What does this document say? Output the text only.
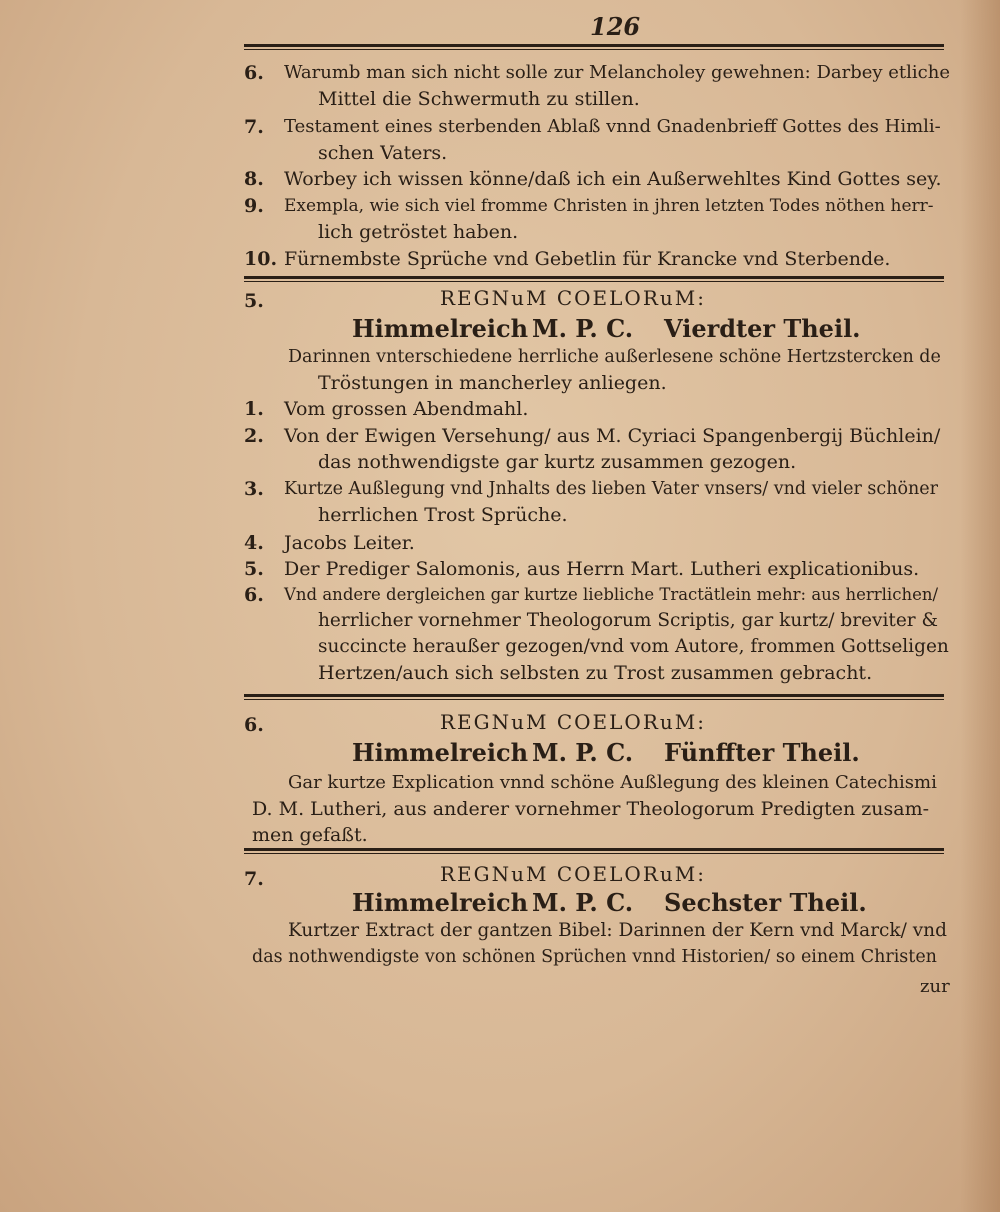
126
6. Warumb man sich nicht solle zur Melancholey gewehnen: Darbey etliche
Mittel die Schwermuth zu stillen.
7. Testament eines sterbenden Ablaß vnnd Gnadenbrieff Gottes des Himli-
schen Vaters.
8. Worbey ich wissen könne/daß ich ein Außerwehltes Kind Gottes sey.
9. Exempla, wie sich viel fromme Christen in jhren letzten Todes nöthen herr-
lich getröstet haben.
10. Fürnembste Sprüche vnd Gebetlin für Krancke vnd Sterbende.
5.	REGNuM COELORuM:
Himmelreich M. P. C. Vierdter Theil.
Darinnen vnterschiedene herrliche außerlesene schöne Hertzstercken de
Tröstungen in mancherley anliegen.
1. Vom grossen Abendmahl.
2. Von der Ewigen Versehung/ aus M. Cyriaci Spangenbergij Büchlein/
das nothwendigste gar kurtz zusammen gezogen.
3. Kurtze Außlegung vnd Jnhalts des lieben Vater vnsers/ vnd vieler schöner
herrlichen Trost Sprüche.
4. Jacobs Leiter.
5. Der Prediger Salomonis, aus Herrn Mart. Lutheri explicationibus.
6. Vnd andere dergleichen gar kurtze liebliche Tractätlein mehr: aus herrlichen/
herrlicher vornehmer Theologorum Scriptis, gar kurtz/ breviter &
succincte heraußer gezogen/vnd vom Autore, frommen Gottseligen
Hertzen/auch sich selbsten zu Trost zusammen gebracht.
6.	REGNuM COELORuM:
Himmelreich M. P. C. Fünffter Theil.
Gar kurtze Explication vnnd schöne Außlegung des kleinen Catechismi
D. M. Lutheri, aus anderer vornehmer Theologorum Predigten zusam-
men gefaßt.
7.	REGNuM COELORuM:
Himmelreich M. P. C. Sechster Theil.
Kurtzer Extract der gantzen Bibel: Darinnen der Kern vnd Marck/ vnd
das nothwendigste von schönen Sprüchen vnnd Historien/ so einem Christen
zur
